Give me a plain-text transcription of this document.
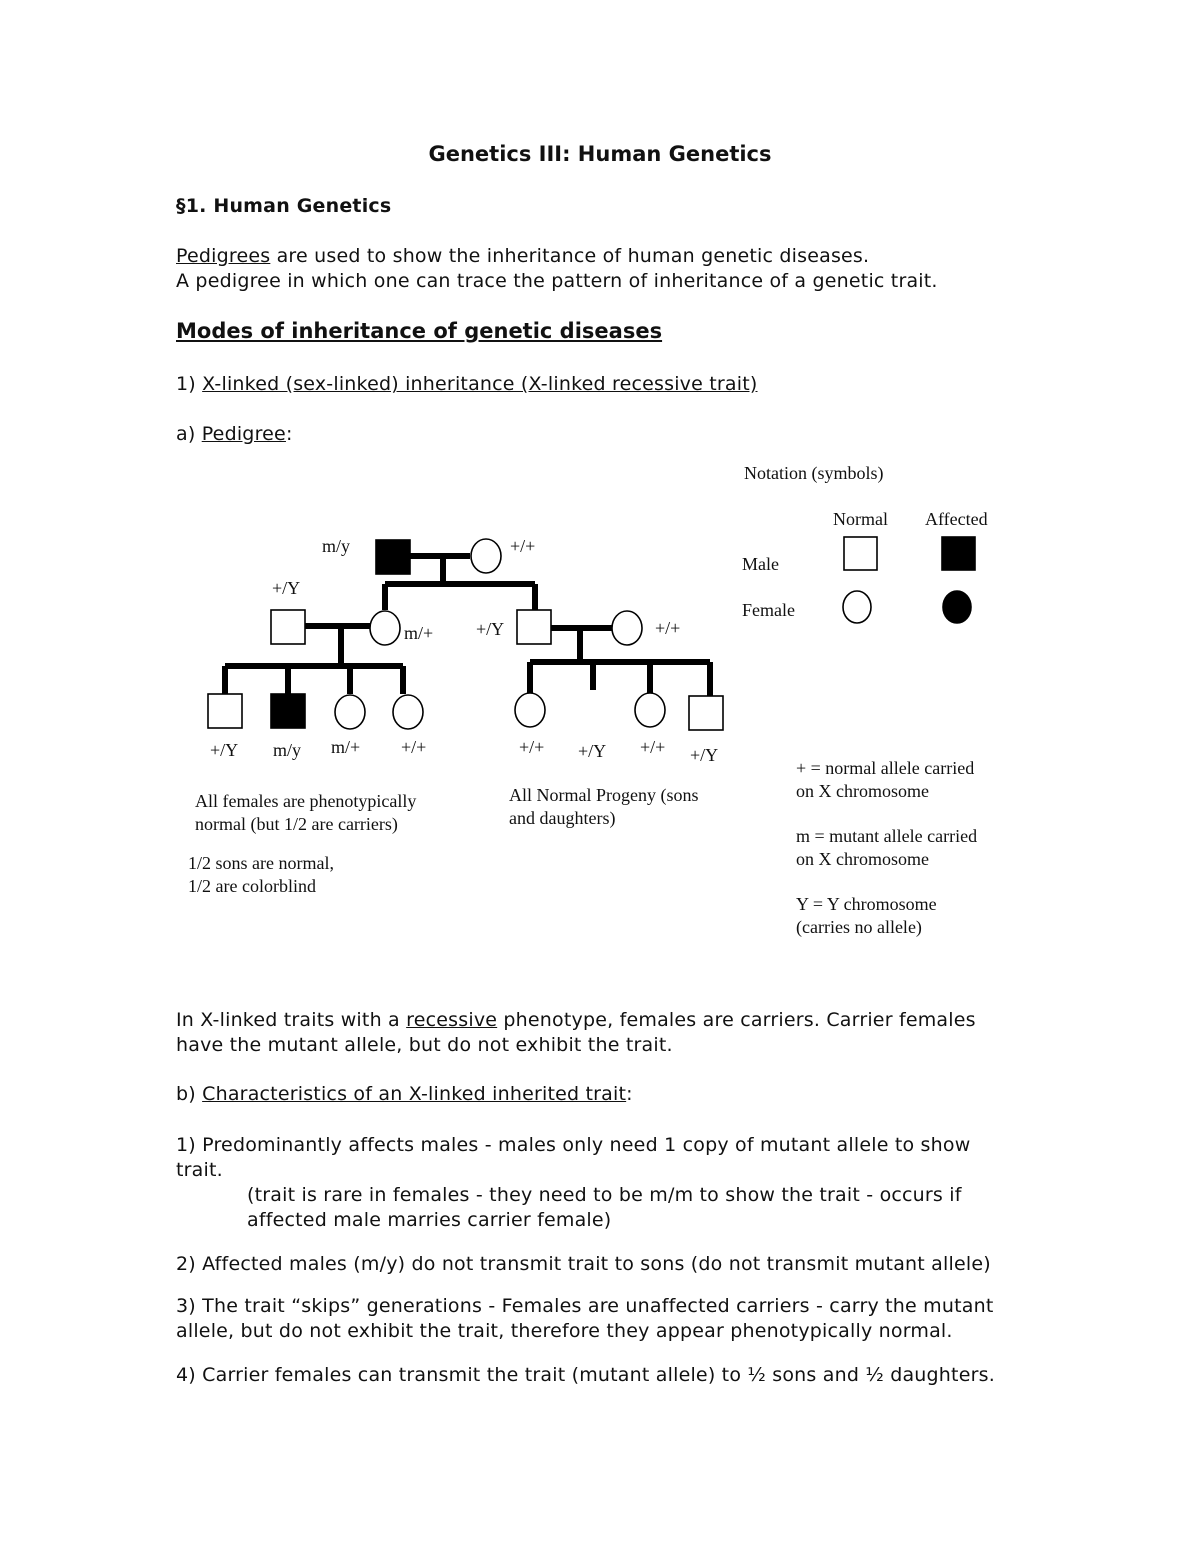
Genetics III: Human Genetics
§1. Human Genetics
Pedigrees are used to show the inheritance of human genetic diseases.
A pedigree in which one can trace the pattern of inheritance of a genetic trait.
Modes of inheritance of genetic diseases
1) X-linked (sex-linked) inheritance (X-linked recessive trait)
a) Pedigree:
m/y	+/+
+/Y
m/+ +/Y	+/+
+/Y m/y m/+ +/+	+/+ +/Y +/+ +/Y
All females are phenotypically
normal (but 1/2 are carriers)
1/2 sons are normal,
1/2 are colorblind
All Normal Progeny (sons
and daughters)
Notation (symbols)
Normal Affected
Male
Female
+ = normal allele carried
on X chromosome
m = mutant allele carried
on X chromosome
Y = Y chromosome
(carries no allele)
In X-linked traits with a recessive phenotype, females are carriers. Carrier females
have the mutant allele, but do not exhibit the trait.
b) Characteristics of an X-linked inherited trait:
1) Predominantly affects males - males only need 1 copy of mutant allele to show
trait.
(trait is rare in females - they need to be m/m to show the trait - occurs if
affected male marries carrier female)
2) Affected males (m/y) do not transmit trait to sons (do not transmit mutant allele)
3) The trait “skips” generations - Females are unaffected carriers - carry the mutant
allele, but do not exhibit the trait, therefore they appear phenotypically normal.
4) Carrier females can transmit the trait (mutant allele) to ½ sons and ½ daughters.
